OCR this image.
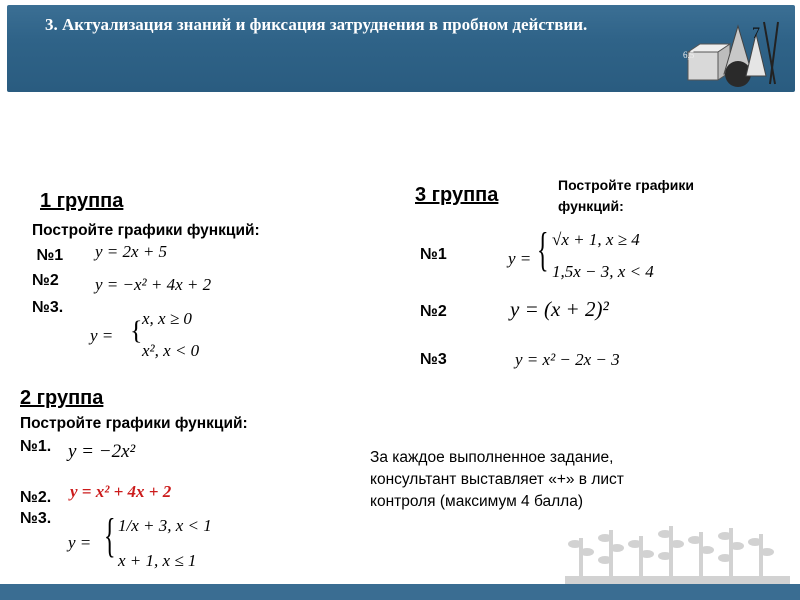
3. Актуализация знаний и фиксация затруднения в пробном действии.	7
6,5
1 группа
Постройте графики функций:
№1 y = 2x + 5
№2 y = −x² + 4x + 2
№3.
y = { x, x ≥ 0
x², x < 0
2 группа
Постройте графики функций:
№1. y = −2x²
№2. y = x² + 4x + 2
№3.
y = { 1/x + 3, x < 1
x + 1, x ≤ 1
3 группа	Постройте графики функций:
№1	y = { √x + 1, x ≥ 4
1,5x − 3, x < 4
№2	y = (x + 2)²
№3	y = x² − 2x − 3
За каждое выполненное задание,
консультант выставляет «+» в лист
контроля (максимум 4 балла)
